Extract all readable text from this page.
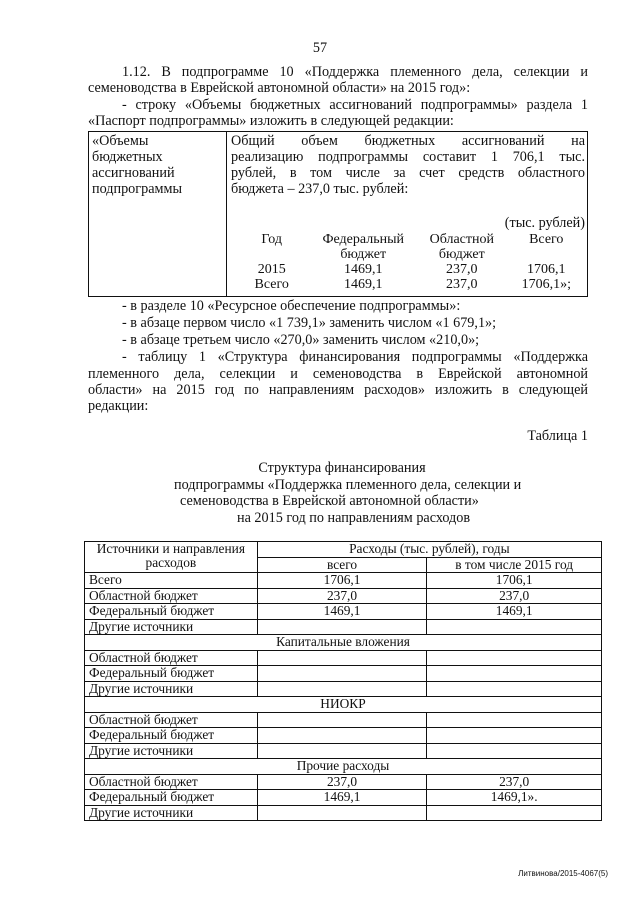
57
1.12. В подпрограмме 10 «Поддержка племенного дела, селекции и
семеноводства в Еврейской автономной области» на 2015 год»:
- строку «Объемы бюджетных ассигнований подпрограммы» раздела 1
«Паспорт подпрограммы» изложить в следующей редакции:
«Объемы
бюджетных
ассигнований
подпрограммы
Общий объем бюджетных ассигнований на
реализацию подпрограммы составит 1 706,1 тыс.
рублей, в том числе за счет средств областного
бюджета – 237,0 тыс. рублей:
(тыс. рублей)
Год	Федеральный	Областной	Всего
	бюджет	бюджет	
2015	1469,1	237,0	1706,1
Всего	1469,1	237,0	1706,1»;
- в разделе 10 «Ресурсное обеспечение подпрограммы»:
- в абзаце первом число «1 739,1» заменить числом «1 679,1»;
- в абзаце третьем число «270,0» заменить числом «210,0»;
- таблицу 1 «Структура финансирования подпрограммы «Поддержка
племенного дела, селекции и семеноводства в Еврейской автономной
области» на 2015 год по направлениям расходов» изложить в следующей
редакции:
Таблица 1
Структура финансирования
подпрограммы «Поддержка племенного дела, селекции и
семеноводства в Еврейской автономной области»
на 2015 год по направлениям расходов
Источники и направления
расходов	Расходы (тыс. рублей), годы	
	всего	в том числе 2015 год
Всего	1706,1	1706,1
Областной бюджет	237,0	237,0
Федеральный бюджет	1469,1	1469,1
Другие источники		
Капитальные вложения		
Областной бюджет		
Федеральный бюджет		
Другие источники		
НИОКР		
Областной бюджет		
Федеральный бюджет		
Другие источники		
Прочие расходы		
Областной бюджет	237,0	237,0
Федеральный бюджет	1469,1	1469,1».
Другие источники		
Литвинова/2015-4067(5)
